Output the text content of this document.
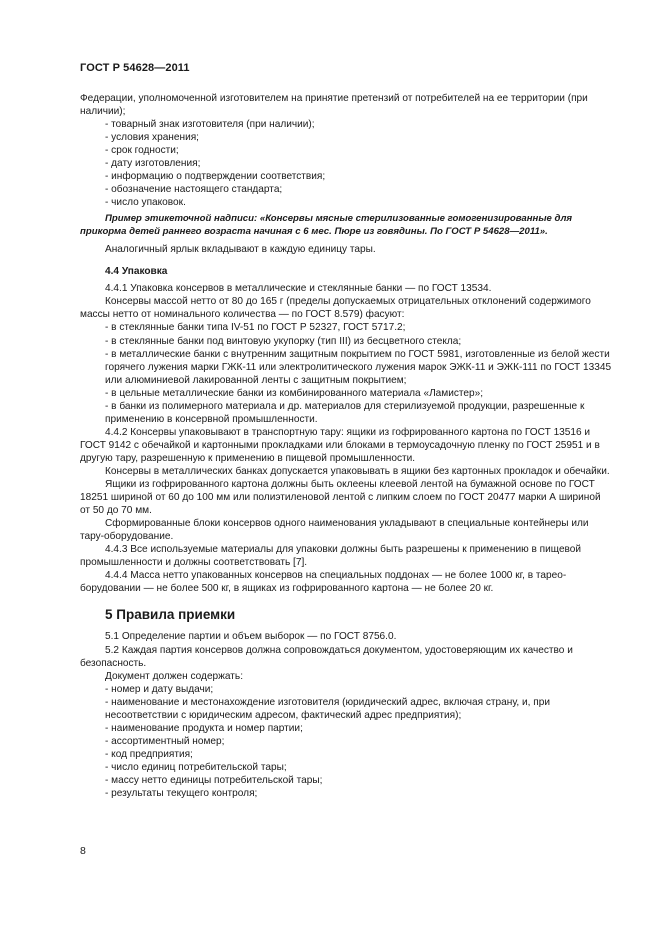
ГОСТ Р 54628—2011

Федерации, уполномоченной изготовителем на принятие претензий от потребителей на ее территории (при наличии);

- товарный знак изготовителя (при наличии);

- условия хранения;

- срок годности;

- дату изготовления;

- информацию о подтверждении соответствия;

- обозначение настоящего стандарта;

- число упаковок.

Пример этикеточной надписи: «Консервы мясные стерилизованные гомогенизированные для прикорма детей раннего возраста начиная с 6 мес. Пюре из говядины. По ГОСТ Р 54628—2011».

Аналогичный ярлык вкладывают в каждую единицу тары.

4.4 Упаковка

4.4.1 Упаковка консервов в металлические и стеклянные банки — по ГОСТ 13534.

Консервы массой нетто от 80 до 165 г (пределы допускаемых отрицательных отклонений содержимого массы нетто от номинального количества — по ГОСТ 8.579) фасуют:

- в стеклянные банки типа IV-51 по ГОСТ Р 52327, ГОСТ 5717.2;

- в стеклянные банки под винтовую укупорку (тип III) из бесцветного стекла;

- в металлические банки с внутренним защитным покрытием по ГОСТ 5981, изготовленные из белой жести горячего лужения марки ГЖК-11 или электролитического лужения марок ЭЖК-11 и ЭЖК-111 по ГОСТ 13345 или алюминиевой лакированной ленты с защитным покрытием;

- в цельные металлические банки из комбинированного материала «Ламистер»;

- в банки из полимерного материала и др. материалов для стерилизуемой продукции, разрешенные к применению в консервной промышленности.

4.4.2 Консервы упаковывают в транспортную тару: ящики из гофрированного картона по ГОСТ 13516 и ГОСТ 9142 с обечайкой и картонными прокладками или блоками в термоусадочную пленку по ГОСТ 25951 и в другую тару, разрешенную к применению в пищевой промышленности.

Консервы в металлических банках допускается упаковывать в ящики без картонных прокладок и обечайки.

Ящики из гофрированного картона должны быть оклеены клеевой лентой на бумажной основе по ГОСТ 18251 шириной от 60 до 100 мм или полиэтиленовой лентой с липким слоем по ГОСТ 20477 марки А шириной от 50 до 70 мм.

Сформированные блоки консервов одного наименования укладывают в специальные контейнеры или тару-оборудование.

4.4.3 Все используемые материалы для упаковки должны быть разрешены к применению в пищевой промышленности и должны соответствовать [7].

4.4.4 Масса нетто упакованных консервов на специальных поддонах — не более 1000 кг, в тарео-борудовании — не более 500 кг, в ящиках из гофрированного картона — не более 20 кг.

5 Правила приемки

5.1 Определение партии и объем выборок — по ГОСТ 8756.0.

5.2 Каждая партия консервов должна сопровождаться документом, удостоверяющим их качество и безопасность.

Документ должен содержать:

- номер и дату выдачи;

- наименование и местонахождение изготовителя (юридический адрес, включая страну, и, при несоответствии с юридическим адресом, фактический адрес предприятия);

- наименование продукта и номер партии;

- ассортиментный номер;

- код предприятия;

- число единиц потребительской тары;

- массу нетто единицы потребительской тары;

- результаты текущего контроля;

8
